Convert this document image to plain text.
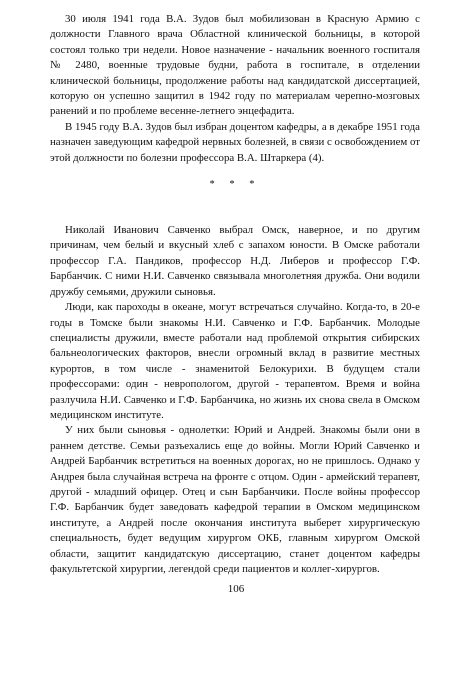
30 июля 1941 года В.А. Зудов был мобилизован в Красную Армию с должности Главного врача Областной клинической больницы, в которой состоял только три недели. Новое назначение - начальник военного госпиталя № 2480, военные трудовые будни, работа в госпитале, в отделении клинической больницы, продолжение работы над кандидатской диссертацией, которую он успешно защитил в 1942 году по материалам черепно-мозговых ранений и по проблеме весенне-летнего энцефадита.

В 1945 году В.А. Зудов был избран доцентом кафедры, а в декабре 1951 года назначен заведующим кафедрой нервных болезней, в связи с освобождением от этой должности по болезни профессора В.А. Штаркера (4).

* * *

Николай Иванович Савченко выбрал Омск, наверное, и по другим причинам, чем белый и вкусный хлеб с запахом юности. В Омске работали профессор Г.А. Пандиков, профессор Н.Д. Либеров и профессор Г.Ф. Барбанчик. С ними Н.И. Савченко связывала многолетняя дружба. Они водили дружбу семьями, дружили сыновья.

Люди, как пароходы в океане, могут встречаться случайно. Когда-то, в 20-е годы в Томске были знакомы Н.И. Савченко и Г.Ф. Барбанчик. Молодые специалисты дружили, вместе работали над проблемой открытия сибирских бальнеологических факторов, внесли огромный вклад в развитие местных курортов, в том числе - знаменитой Белокурихи. В будущем стали профессорами: один - невропологом, другой - терапевтом. Время и война разлучила Н.И. Савченко и Г.Ф. Барбанчика, но жизнь их снова свела в Омском медицинском институте.

У них были сыновья - однолетки: Юрий и Андрей. Знакомы были они в раннем детстве. Семьи разъехались еще до войны. Могли Юрий Савченко и Андрей Барбанчик встретиться на военных дорогах, но не пришлось. Однако у Андрея была случайная встреча на фронте с отцом. Один - армейский терапевт, другой - младший офицер. Отец и сын Барбанчики. После войны профессор Г.Ф. Барбанчик будет заведовать кафедрой терапии в Омском медицинском институте, а Андрей после окончания института выберет хирургическую специальность, будет ведущим хирургом ОКБ, главным хирургом Омской области, защитит кандидатскую диссертацию, станет доцентом кафедры факультетской хирургии, легендой среди пациентов и коллег-хирургов.

106
